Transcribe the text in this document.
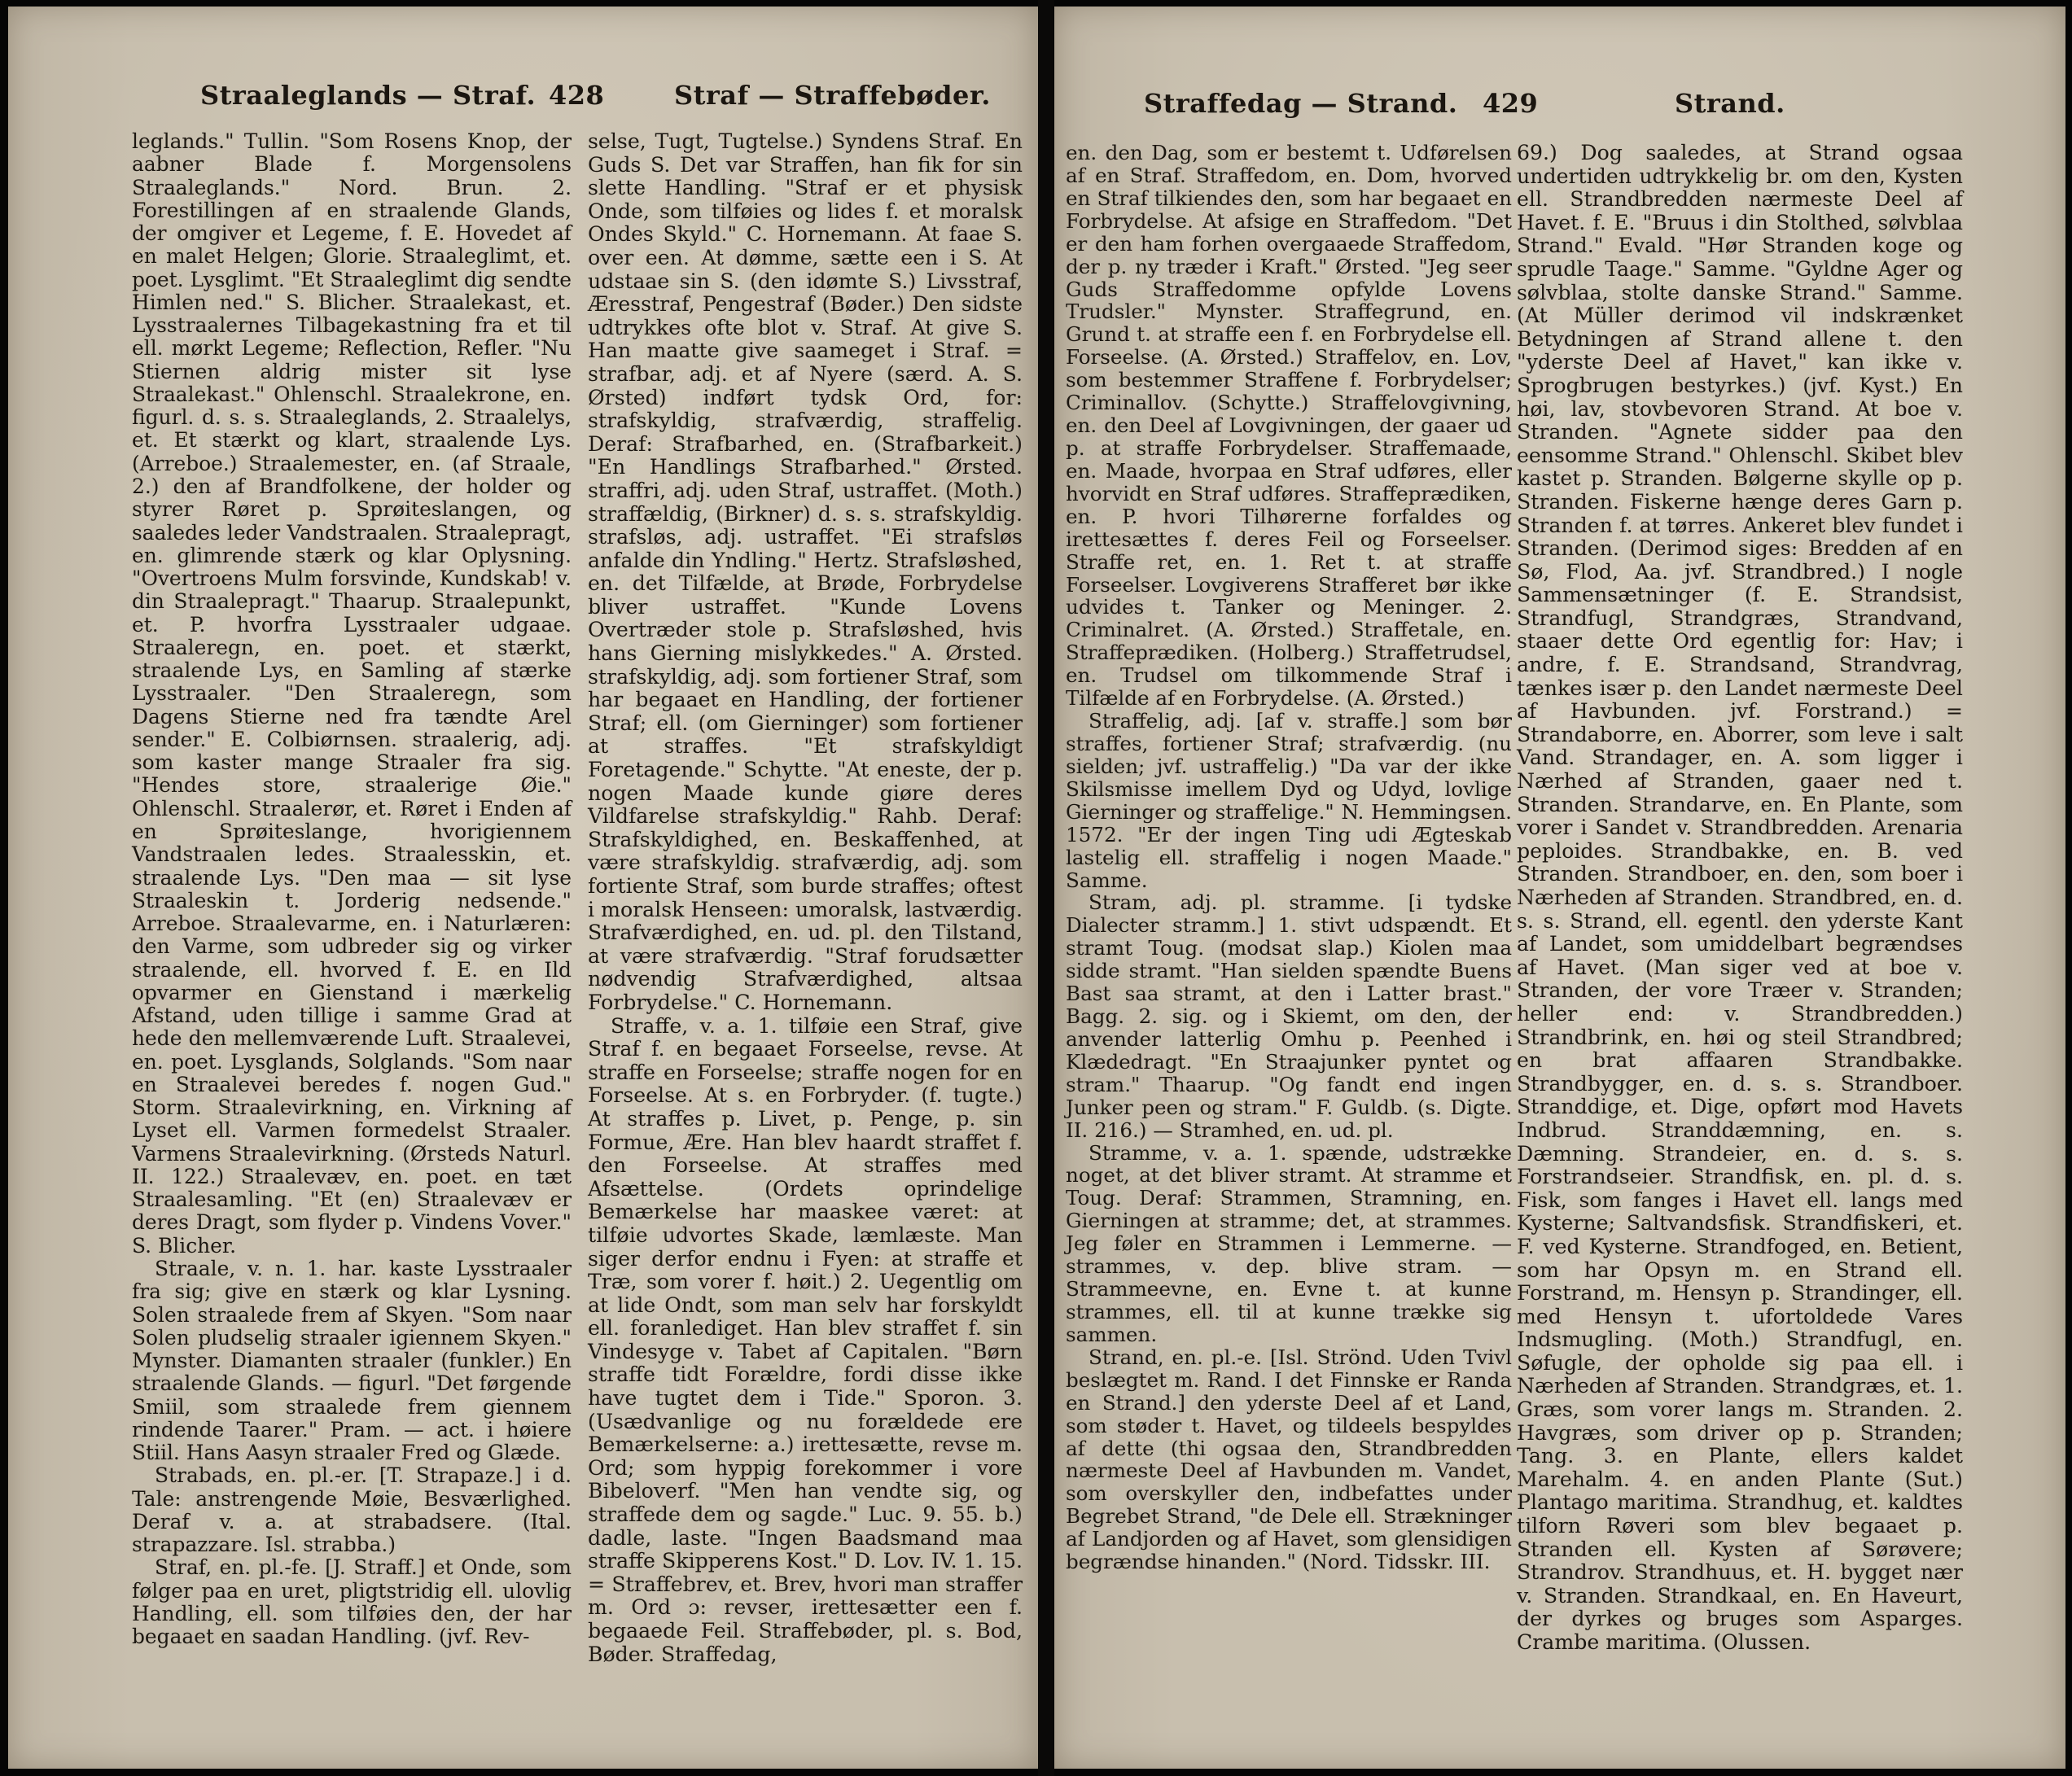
Straaleglands — Straf. 428	Straf — Straffebøder.

leglands." Tullin. "Som Rosens Knop, der aabner Blade f. Morgensolens Straaleglands." Nord. Brun. 2. Forestillingen af en straalende Glands, der omgiver et Legeme, f. E. Hovedet af en malet Helgen; Glorie. Straaleglimt, et. poet. Lysglimt. "Et Straaleglimt dig sendte Himlen ned." S. Blicher. Straalekast, et. Lysstraalernes Tilbagekastning fra et til ell. mørkt Legeme; Reflection, Refler. "Nu Stiernen aldrig mister sit lyse Straalekast." Ohlenschl. Straalekrone, en. figurl. d. s. s. Straaleglands, 2. Straalelys, et. Et stærkt og klart, straalende Lys. (Arreboe.) Straalemester, en. (af Straale, 2.) den af Brandfolkene, der holder og styrer Røret p. Sprøitеslangen, og saaledes leder Vandstraalen. Straalepragt, en. glimrende stærk og klar Oplysning. "Overtroens Mulm forsvinde, Kundskab! v. din Straalepragt." Thaarup. Straalepunkt, et. P. hvorfra Lysstraaler udgaae. Straaleregn, en. poet. et stærkt, straalende Lys, en Samling af stærke Lysstraaler. "Den Straaleregn, som Dagens Stierne ned fra tændte Arel sender." E. Colbiørnsen. straalerig, adj. som kaster mange Straaler fra sig. "Hendes store, straalerige Øie." Ohlenschl. Straalerør, et. Røret i Enden af en Sprøiteslange, hvorigiennem Vandstraalen ledes. Straalesskin, et. straalende Lys. "Den maa — sit lyse Straaleskin t. Jorderig nedsende." Arreboe. Straalevarme, en. i Naturlæren: den Varme, som udbreder sig og virker straalende, ell. hvorved f. E. en Ild opvarmer en Gienstand i mærkelig Afstand, uden tillige i samme Grad at hede den mellemværende Luft. Straalevei, en. poet. Lysglands, Solglands. "Som naar en Straalevei beredes f. nogen Gud." Storm. Straalevirkning, en. Virkning af Lyset ell. Varmen formedelst Straaler. Varmens Straalevirkning. (Ørsteds Naturl. II. 122.) Straalevæv, en. poet. en tæt Straalesamling. "Et (en) Straalevæv er deres Dragt, som flyder p. Vindens Vover." S. Blicher.

Straale, v. n. 1. har. kaste Lysstraaler fra sig; give en stærk og klar Lysning. Solen straalede frem af Skyen. "Som naar Solen pludselig straaler igiennem Skyen." Mynster. Diamanten straaler (funkler.) En straalende Glands. — figurl. "Det førgende Smiil, som straalede frem giennem rindende Taarer." Pram. — act. i høiere Stiil. Hans Aasyn straaler Fred og Glæde.

Strabads, en. pl.-er. [T. Strapaze.] i d. Tale: anstrengende Møie, Besværlighed. Deraf v. a. at strabadsere. (Ital. strapazzare. Isl. strabba.)

Straf, en. pl.-fe. [J. Straff.] et Onde, som følger paa en uret, pligtstridig ell. ulovlig Handling, ell. som tilføies den, der har begaaet en saadan Handling. (jvf. Rev-

selse, Tugt, Tugtelse.) Syndens Straf. En Guds S. Det var Straffen, han fik for sin slette Handling. "Straf er et physisk Onde, som tilføies og lides f. et moralsk Ondes Skyld." C. Hornemann. At faae S. over een. At dømme, sætte een i S. At udstaae sin S. (den idømte S.) Livsstraf, Æresstraf, Pengestraf (Bøder.) Den sidste udtrykkes ofte blot v. Straf. At give S. Han maatte give saameget i Straf. = strafbar, adj. et af Nyere (særd. A. S. Ørsted) indført tydsk Ord, for: strafskyldig, strafværdig, straffelig. Deraf: Strafbarhed, en. (Strafbarkeit.) "En Handlings Strafbarhed." Ørsted. straffri, adj. uden Straf, ustraffet. (Moth.) straffældig, (Birkner) d. s. s. strafskyldig. strafsløs, adj. ustraffet. "Ei strafsløs anfalde din Yndling." Hertz. Strafsløshed, en. det Tilfælde, at Brøde, Forbrydelse bliver ustraffet. "Kunde Lovens Overtræder stole p. Strafsløshed, hvis hans Gierning mislykkedes." A. Ørsted. strafskyldig, adj. som fortiener Straf, som har begaaet en Handling, der fortiener Straf; ell. (om Gierninger) som fortiener at straffes. "Et strafskyldigt Foretagende." Schytte. "At eneste, der p. nogen Maade kunde giøre deres Vildfarelse strafskyldig." Rahb. Deraf: Strafskyldighed, en. Beskaffenhed, at være strafskyldig. strafværdig, adj. som fortiente Straf, som burde straffes; oftest i moralsk Henseen: umoralsk, lastværdig. Strafværdighed, en. ud. pl. den Tilstand, at være strafværdig. "Straf forudsætter nødvendig Strafværdighed, altsaa Forbrydelse." C. Hornemann.

Straffe, v. a. 1. tilføie een Straf, give Straf f. en begaaet Forseelse, revse. At straffe en Forseelse; straffe nogen for en Forseelse. At s. en Forbryder. (f. tugte.) At straffes p. Livet, p. Penge, p. sin Formue, Ære. Han blev haardt straffet f. den Forseelse. At straffes med Afsættelse. (Ordets oprindelige Bemærkelse har maaskee været: at tilføie udvortes Skade, læmlæste. Man siger derfor endnu i Fyen: at straffe et Træ, som vorer f. høit.) 2. Uegentlig om at lide Ondt, som man selv har forskyldt ell. foranlediget. Han blev straffet f. sin Vindesyge v. Tabet af Capitalen. "Børn straffe tidt Forældre, fordi disse ikke have tugtet dem i Tide." Sporon. 3. (Usædvanlige og nu forældede ere Bemærkelserne: a.) irettesætte, revse m. Ord; som hyppig forekommer i vore Bibeloverf. "Men han vendte sig, og straffede dem og sagde." Luc. 9. 55. b.) dadle, laste. "Ingen Baadsmand maa straffe Skipperens Kost." D. Lov. IV. 1. 15. = Straffebrev, et. Brev, hvori man straffer m. Ord ɔ: revser, irettesætter een f. begaaede Feil. Straffebøder, pl. s. Bod, Bøder. Straffedag,

Straffedag — Strand. 429	Strand.

en. den Dag, som er bestemt t. Udførelsen af en Straf. Straffedom, en. Dom, hvorved en Straf tilkiendes den, som har begaaet en Forbrydelse. At afsige en Straffedom. "Det er den ham forhen overgaaede Straffedom, der p. ny træder i Kraft." Ørsted. "Jeg seer Guds Straffedomme opfylde Lovens Trudsler." Mynster. Straffegrund, en. Grund t. at straffe een f. en Forbrydelse ell. Forseelse. (A. Ørsted.) Straffelov, en. Lov, som bestemmer Straffene f. Forbrydelser; Criminallov. (Schytte.) Straffelovgivning, en. den Deel af Lovgivningen, der gaaer ud p. at straffe Forbrydelser. Straffemaade, en. Maade, hvorpaa en Straf udføres, eller hvorvidt en Straf udføres. Straffeprædiken, en. P. hvori Tilhørerne forfaldes og irettesættes f. deres Feil og Forseelser. Straffe ret, en. 1. Ret t. at straffe Forseelser. Lovgiverens Strafferet bør ikke udvides t. Tanker og Meninger. 2. Criminalret. (A. Ørsted.) Straffetale, en. Straffeprædiken. (Holberg.) Straffetrudsel, en. Trudsel om tilkommende Straf i Tilfælde af en Forbrydelse. (A. Ørsted.)

Straffelig, adj. [af v. straffe.] som bør straffes, fortiener Straf; strafværdig. (nu sielden; jvf. ustraffelig.) "Da var der ikke Skilsmisse imellem Dyd og Udyd, lovlige Gierninger og straffelige." N. Hemmingsen. 1572. "Er der ingen Ting udi Ægteskab lastelig ell. straffelig i nogen Maade." Samme.

Stram, adj. pl. stramme. [i tydske Dialecter stramm.] 1. stivt udspændt. Et stramt Toug. (modsat slap.) Kiolen maa sidde stramt. "Han sielden spændte Buens Bast saa stramt, at den i Latter brast." Bagg. 2. sig. og i Skiemt, om den, der anvender latterlig Omhu p. Peenhed i Klædedragt. "En Straajunker pyntet og stram." Thaarup. "Og fandt end ingen Junker peen og stram." F. Guldb. (s. Digte. II. 216.) — Stramhed, en. ud. pl.

Stramme, v. a. 1. spænde, udstrække noget, at det bliver stramt. At stramme et Toug. Deraf: Strammen, Stramning, en. Gierningen at stramme; det, at strammes. Jeg føler en Strammen i Lemmerne. — strammes, v. dep. blive stram. — Strammeevne, en. Evne t. at kunne strammes, ell. til at kunne trække sig sammen.

Strand, en. pl.-e. [Isl. Strönd. Uden Tvivl beslægtet m. Rand. I det Finnske er Randa en Strand.] den yderste Deel af et Land, som støder t. Havet, og tildeels bespyldes af dette (thi ogsaa den, Strandbredden nærmeste Deel af Havbunden m. Vandet, som overskyller den, indbefattes under Begrebet Strand, "de Dele ell. Strækninger af Landjorden og af Havet, som glensidigen begrændse hinanden." (Nord. Tidsskr. III.

69.) Dog saaledes, at Strand ogsaa undertiden udtrykkelig br. om den, Kysten ell. Strandbredden nærmeste Deel af Havet. f. E. "Bruus i din Stolthed, sølvblaa Strand." Evald. "Hør Stranden koge og sprudle Taage." Samme. "Gyldne Ager og sølvblaa, stolte danske Strand." Samme. (At Müller derimod vil indskrænket Betydningen af Strand allene t. den "yderste Deel af Havet," kan ikke v. Sprogbrugen bestyrkes.) (jvf. Kyst.) En høi, lav, stovbevoren Strand. At boe v. Stranden. "Agnete sidder paa den eensomme Strand." Ohlenschl. Skibet blev kastet p. Stranden. Bølgerne skylle op p. Stranden. Fiskerne hænge deres Garn p. Stranden f. at tørres. Ankeret blev fundet i Stranden. (Derimod siges: Bredden af en Sø, Flod, Aa. jvf. Strandbred.) I nogle Sammensætninger (f. E. Strandsist, Strandfugl, Strandgræs, Strandvand, staaer dette Ord egentlig for: Hav; i andre, f. E. Strandsand, Strandvrag, tænkes især p. den Landet nærmeste Deel af Havbunden. jvf. Forstrand.) = Strandaborre, en. Aborrer, som leve i salt Vand. Strandager, en. A. som ligger i Nærhed af Stranden, gaaer ned t. Stranden. Strandarve, en. En Plante, som vorer i Sandet v. Strandbredden. Arenaria peploides. Strandbakke, en. B. ved Stranden. Strandboer, en. den, som boer i Nærheden af Stranden. Strandbred, en. d. s. s. Strand, ell. egentl. den yderste Kant af Landet, som umiddelbart begrændses af Havet. (Man siger ved at boe v. Stranden, der vore Træer v. Stranden; heller end: v. Strandbredden.) Strandbrink, en. høi og steil Strandbred; en brat affaaren Strandbakke. Strandbygger, en. d. s. s. Strandboer. Stranddige, et. Dige, opført mod Havets Indbrud. Stranddæmning, en. s. Dæmning. Strandeier, en. d. s. s. Forstrandseier. Strandfisk, en. pl. d. s. Fisk, som fanges i Havet ell. langs med Kysterne; Saltvandsfisk. Strandfiskeri, et. F. ved Kysterne. Strandfoged, en. Betient, som har Opsyn m. en Strand ell. Forstrand, m. Hensyn p. Strandinger, ell. med Hensyn t. ufortoldede Vares Indsmugling. (Moth.) Strandfugl, en. Søfugle, der opholde sig paa ell. i Nærheden af Stranden. Strandgræs, et. 1. Græs, som vorer langs m. Stranden. 2. Havgræs, som driver op p. Stranden; Tang. 3. en Plante, ellers kaldet Marehalm. 4. en anden Plante (Sut.) Plantago maritima. Strandhug, et. kaldtes tilforn Røveri som blev begaaet p. Stranden ell. Kysten af Sørøvere; Strandrov. Strandhuus, et. H. bygget nær v. Stranden. Strandkaal, en. En Haveurt, der dyrkes og bruges som Asparges. Crambe maritima. (Olussen.
